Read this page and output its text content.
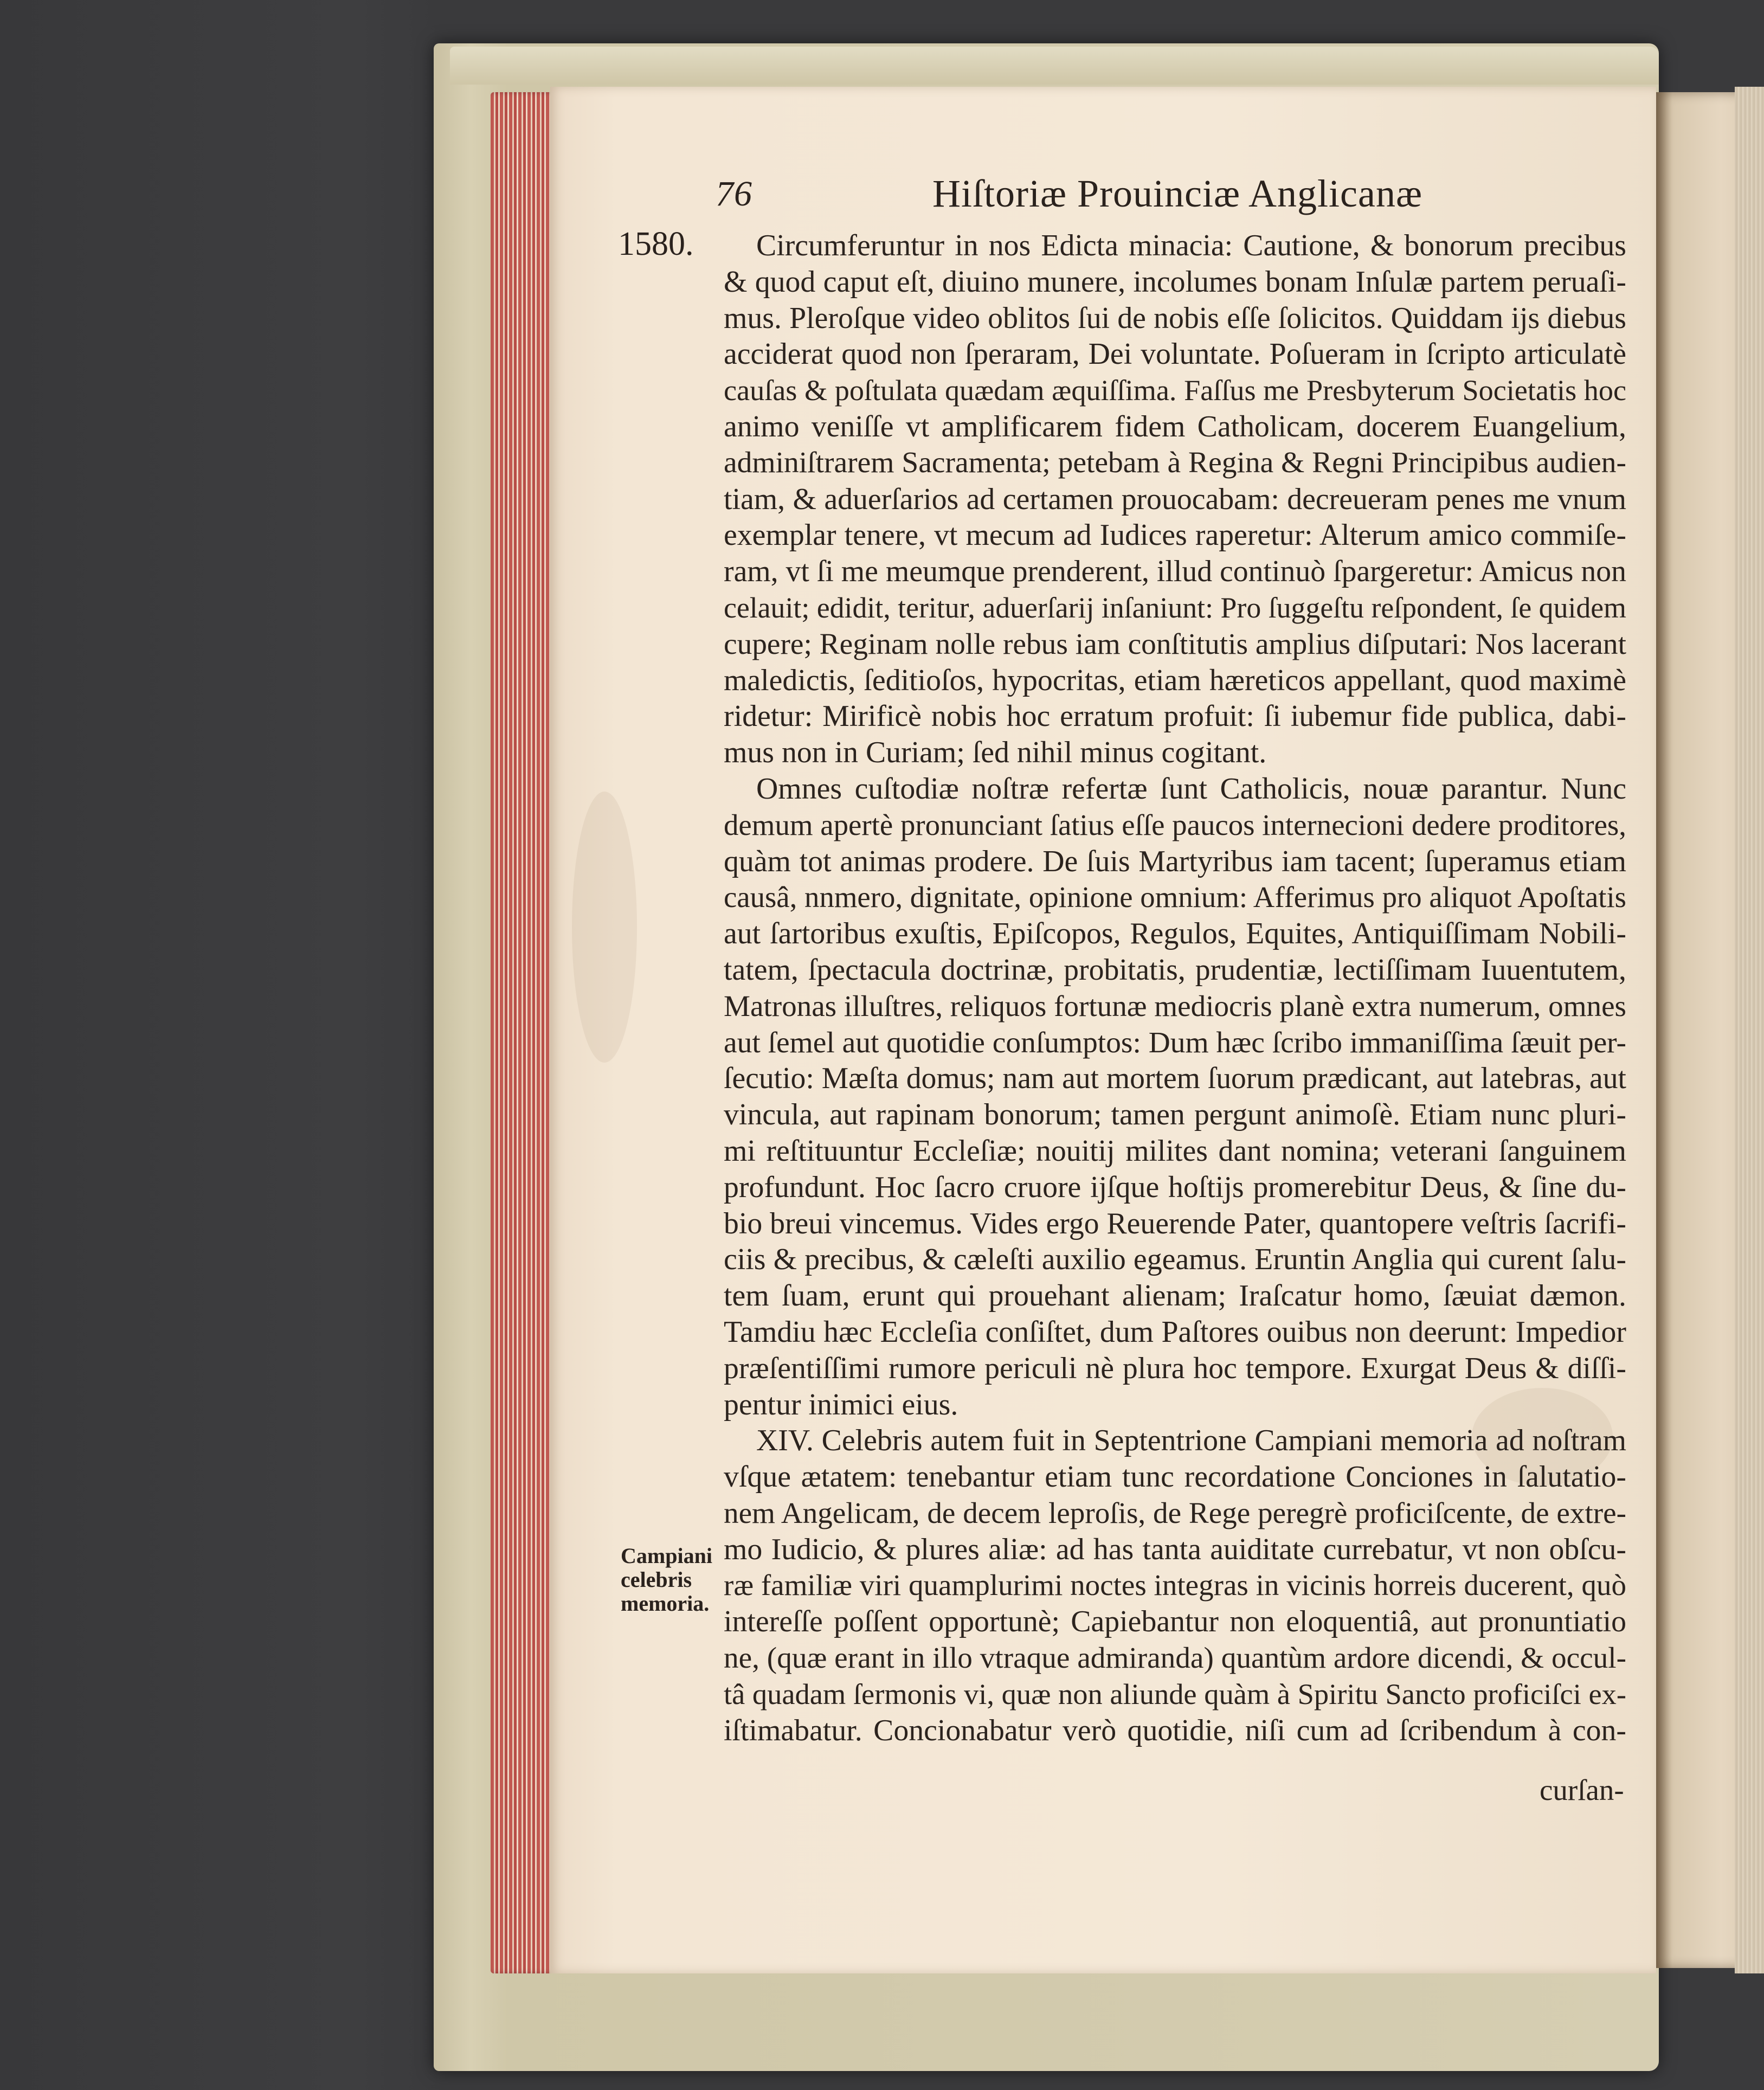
76	Hiſtoriæ Prouinciæ Anglicanæ
1580.	Circumferuntur in nos Edicta minacia: Cautione, & bonorum precibus
& quod caput eſt, diuino munere, incolumes bonam Inſulæ partem peruaſi-
mus. Pleroſque video oblitos ſui de nobis eſſe ſolicitos. Quiddam ijs diebus
acciderat quod non ſperaram, Dei voluntate. Poſueram in ſcripto articulatè
cauſas & poſtulata quædam æquiſſima. Faſſus me Presbyterum Societatis hoc
animo veniſſe vt amplificarem fidem Catholicam, docerem Euangelium,
adminiſtrarem Sacramenta; petebam à Regina & Regni Principibus audien-
tiam, & aduerſarios ad certamen prouocabam: decreueram penes me vnum
exemplar tenere, vt mecum ad Iudices raperetur: Alterum amico commiſe-
ram, vt ſi me meumque prenderent, illud continuò ſpargeretur: Amicus non
celauit; edidit, teritur, aduerſarij inſaniunt: Pro ſuggeſtu reſpondent, ſe quidem
cupere; Reginam nolle rebus iam conſtitutis amplius diſputari: Nos lacerant
maledictis, ſeditioſos, hypocritas, etiam hæreticos appellant, quod maximè
ridetur: Mirificè nobis hoc erratum profuit: ſi iubemur fide publica, dabi-
mus non in Curiam; ſed nihil minus cogitant.
Omnes cuſtodiæ noſtræ refertæ ſunt Catholicis, nouæ parantur. Nunc
demum apertè pronunciant ſatius eſſe paucos internecioni dedere proditores,
quàm tot animas prodere. De ſuis Martyribus iam tacent; ſuperamus etiam
causâ, nnmero, dignitate, opinione omnium: Afferimus pro aliquot Apoſtatis
aut ſartoribus exuſtis, Epiſcopos, Regulos, Equites, Antiquiſſimam Nobili-
tatem, ſpectacula doctrinæ, probitatis, prudentiæ, lectiſſimam Iuuentutem,
Matronas illuſtres, reliquos fortunæ mediocris planè extra numerum, omnes
aut ſemel aut quotidie conſumptos: Dum hæc ſcribo immaniſſima ſæuit per-
ſecutio: Mæſta domus; nam aut mortem ſuorum prædicant, aut latebras, aut
vincula, aut rapinam bonorum; tamen pergunt animoſè. Etiam nunc pluri-
mi reſtituuntur Eccleſiæ; nouitij milites dant nomina; veterani ſanguinem
profundunt. Hoc ſacro cruore ijſque hoſtijs promerebitur Deus, & ſine du-
bio breui vincemus. Vides ergo Reuerende Pater, quantopere veſtris ſacrifi-
ciis & precibus, & cæleſti auxilio egeamus. Eruntin Anglia qui curent ſalu-
tem ſuam, erunt qui prouehant alienam; Iraſcatur homo, ſæuiat dæmon.
Tamdiu hæc Eccleſia conſiſtet, dum Paſtores ouibus non deerunt: Impedior
præſentiſſimi rumore periculi nè plura hoc tempore. Exurgat Deus & diſſi-
pentur inimici eius.
XIV. Celebris autem fuit in Septentrione Campiani memoria ad noſtram
vſque ætatem: tenebantur etiam tunc recordatione Conciones in ſalutatio-
nem Angelicam, de decem leproſis, de Rege peregrè proficiſcente, de extre-
mo Iudicio, & plures aliæ: ad has tanta auiditate currebatur, vt non obſcu-
ræ familiæ viri quamplurimi noctes integras in vicinis horreis ducerent, quò
intereſſe poſſent opportunè; Capiebantur non eloquentiâ, aut pronuntiatio
ne, (quæ erant in illo vtraque admiranda) quantùm ardore dicendi, & occul-
tâ quadam ſermonis vi, quæ non aliunde quàm à Spiritu Sancto proficiſci ex-
iſtimabatur. Concionabatur verò quotidie, niſi cum ad ſcribendum à con-
Campiani
celebris
memoria.
curſan-
